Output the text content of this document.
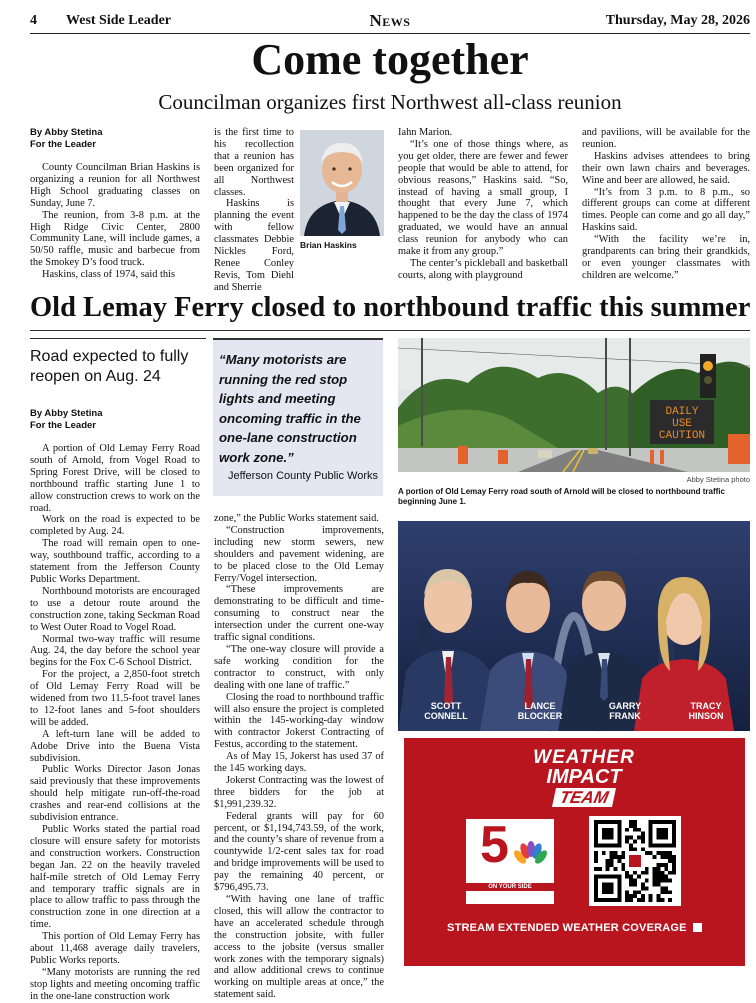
4 West Side Leader	News	Thursday, May 28, 2026
Come together
Councilman organizes first Northwest all-class reunion
By Abby Stetina
For the Leader

County Councilman Brian Haskins is organizing a reunion for all Northwest High School graduating classes on Sunday, June 7.

The reunion, from 3-8 p.m. at the High Ridge Civic Center, 2800 Community Lane, will include games, a 50/50 raffle, music and barbecue from the Smokey D’s food truck.

Haskins, class of 1974, said this

is the first time to his recollection that a reunion has been organized for all Northwest classes.

Haskins is planning the event with fellow classmates Debbie Nickles Ford, Renee Conley Revis, Tom Diehl and Sherrie

Iahn Marion.

“It’s one of those things where, as you get older, there are fewer and fewer people that would be able to attend, for obvious reasons,” Haskins said. “So, instead of having a small group, I thought that every June 7, which happened to be the day the class of 1974 graduated, we would have an annual class reunion for anybody who can make it from any group.”

The center’s pickleball and basketball courts, along with playground

and pavilions, will be available for the reunion.

Haskins advises attendees to bring their own lawn chairs and beverages. Wine and beer are allowed, he said.

“It’s from 3 p.m. to 8 p.m., so different groups can come at different times. People can come and go all day,” Haskins said.

“With the facility we’re in, grandparents can bring their grandkids, or even younger classmates with children are welcome.”

Brian Haskins
Old Lemay Ferry closed to northbound traffic this summer
Road expected to fully reopen on Aug. 24
By Abby Stetina
For the Leader

A portion of Old Lemay Ferry Road south of Arnold, from Vogel Road to Spring Forest Drive, will be closed to northbound traffic starting June 1 to allow construction crews to work on the road.

Work on the road is expected to be completed by Aug. 24.

The road will remain open to one-way, southbound traffic, according to a statement from the Jefferson County Public Works Department.

Northbound motorists are encouraged to use a detour route around the construction zone, taking Seckman Road to West Outer Road to Vogel Road.

Normal two-way traffic will resume Aug. 24, the day before the school year begins for the Fox C-6 School District.

For the project, a 2,850-foot stretch of Old Lemay Ferry Road will be widened from two 11.5-foot travel lanes to 12-foot lanes and 5-foot shoulders will be added.

A left-turn lane will be added to Adobe Drive into the Buena Vista subdivision.

Public Works Director Jason Jonas said previously that these improvements should help mitigate run-off-the-road crashes and rear-end collisions at the subdivision entrance.

Public Works stated the partial road closure will ensure safety for motorists and construction workers. Construction began Jan. 22 on the heavily traveled half-mile stretch of Old Lemay Ferry and temporary traffic signals are in place to allow traffic to pass through the construction zone in one direction at a time.

This portion of Old Lemay Ferry has about 11,468 average daily travelers, Public Works reports.

“Many motorists are running the red stop lights and meeting oncoming traffic in the one-lane construction work

“Many motorists are running the red stop lights and meeting oncoming traffic in the one-lane construction work zone.”
Jefferson County Public Works

zone,” the Public Works statement said.

“Construction improvements, including new storm sewers, new shoulders and pavement widening, are to be placed close to the Old Lemay Ferry/Vogel intersection.

“These improvements are demonstrating to be difficult and time-consuming to construct near the intersection under the current one-way traffic signal conditions.

“The one-way closure will provide a safe working condition for the contractor to construct, with only dealing with one lane of traffic.”

Closing the road to northbound traffic will also ensure the project is completed within the 145-working-day window with contractor Jokerst Contracting of Festus, according to the statement.

As of May 15, Jokerst has used 37 of the 145 working days.

Jokerst Contracting was the lowest of three bidders for the job at $1,991,239.32.

Federal grants will pay for 60 percent, or $1,194,743.59, of the work, and the county’s share of revenue from a countywide 1/2-cent sales tax for road and bridge improvements will be used to pay the remaining 40 percent, or $796,495.73.

“With having one lane of traffic closed, this will allow the contractor to have an accelerated schedule through the construction jobsite, with fuller access to the jobsite (versus smaller work zones with the temporary signals) and allow additional crews to continue working on multiple areas at once,” the statement said.

DAILY
USE
CAUTION
Abby Stetina photo
A portion of Old Lemay Ferry road south of Arnold will be closed to northbound traffic beginning June 1.
SCOTT
CONNELL
LANCE
BLOCKER
GARRY
FRANK
TRACY
HINSON
WEATHER
IMPACT
TEAM
5
ON YOUR SIDE
STREAM EXTENDED WEATHER COVERAGE
